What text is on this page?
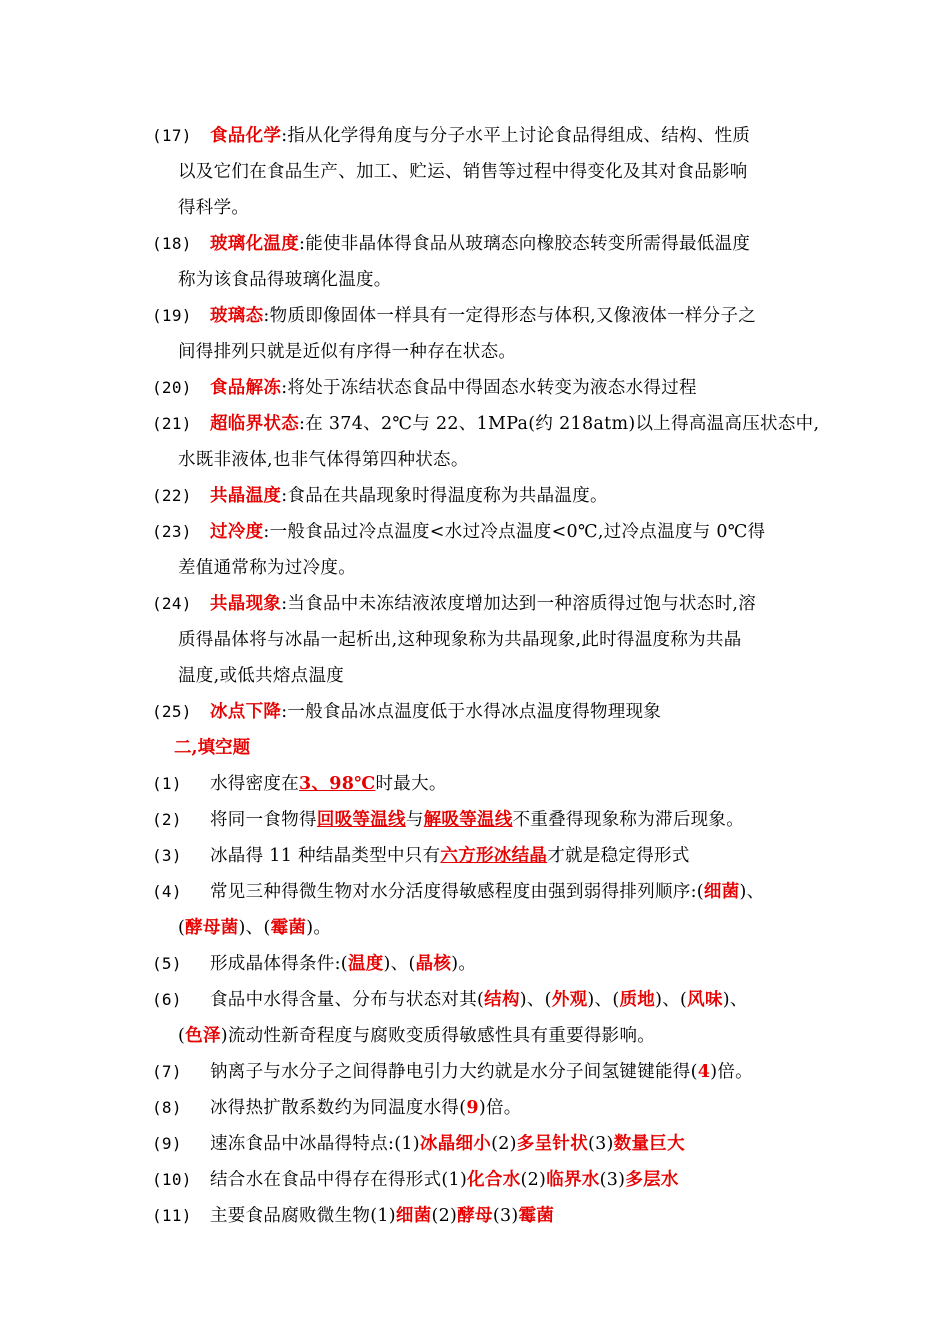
(17)	食品化学:指从化学得角度与分子水平上讨论食品得组成、结构、性质
以及它们在食品生产、加工、贮运、销售等过程中得变化及其对食品影响
得科学。
(18)	玻璃化温度:能使非晶体得食品从玻璃态向橡胶态转变所需得最低温度
称为该食品得玻璃化温度。
(19)	玻璃态:物质即像固体一样具有一定得形态与体积,又像液体一样分子之
间得排列只就是近似有序得一种存在状态。
(20)	食品解冻:将处于冻结状态食品中得固态水转变为液态水得过程
(21)	超临界状态:在 374、2℃与 22、1MPa(约 218atm)以上得高温高压状态中,
水既非液体,也非气体得第四种状态。
(22)	共晶温度:食品在共晶现象时得温度称为共晶温度。
(23)	过冷度:一般食品过冷点温度<水过冷点温度<0℃,过冷点温度与 0℃得
差值通常称为过冷度。
(24)	共晶现象:当食品中未冻结液浓度增加达到一种溶质得过饱与状态时,溶
质得晶体将与冰晶一起析出,这种现象称为共晶现象,此时得温度称为共晶
温度,或低共熔点温度
(25)	冰点下降:一般食品冰点温度低于水得冰点温度得物理现象
二,填空题
(1)	水得密度在3、98℃时最大。
(2)	将同一食物得回吸等温线与解吸等温线不重叠得现象称为滞后现象。
(3)	冰晶得 11 种结晶类型中只有六方形冰结晶才就是稳定得形式
(4)	常见三种得微生物对水分活度得敏感程度由强到弱得排列顺序:(细菌)、
(酵母菌)、(霉菌)。
(5)	形成晶体得条件:(温度)、(晶核)。
(6)	食品中水得含量、分布与状态对其(结构)、(外观)、(质地)、(风味)、
(色泽)流动性新奇程度与腐败变质得敏感性具有重要得影响。
(7)	钠离子与水分子之间得静电引力大约就是水分子间氢键键能得(4)倍。
(8)	冰得热扩散系数约为同温度水得(9)倍。
(9)	速冻食品中冰晶得特点:(1)冰晶细小(2)多呈针状(3)数量巨大
(10)	结合水在食品中得存在得形式(1)化合水(2)临界水(3)多层水
(11)	主要食品腐败微生物(1)细菌(2)酵母(3)霉菌
